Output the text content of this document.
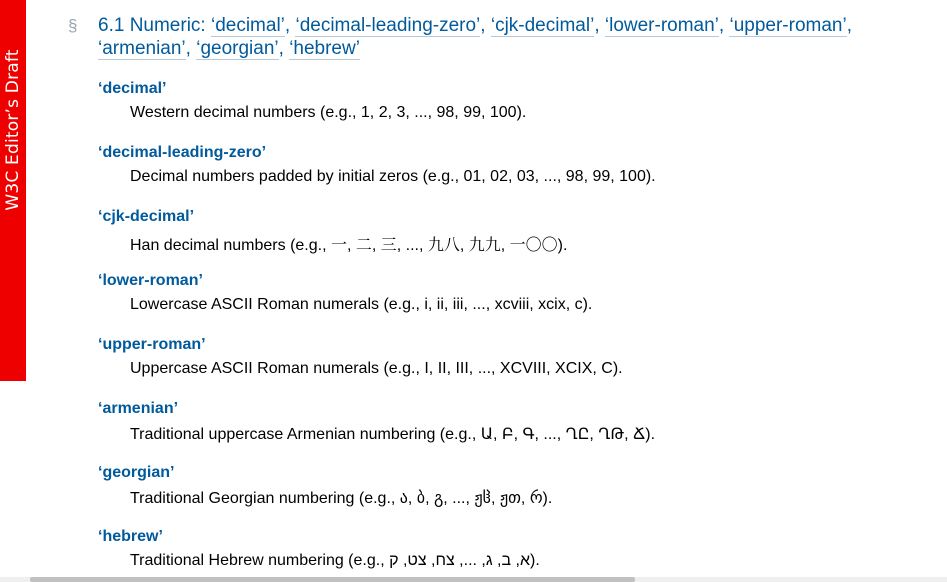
W3C Editor’s Draft
§ 6.1 Numeric: ‘decimal’, ‘decimal-leading-zero’, ‘cjk-decimal’, ‘lower-roman’, ‘upper-roman’,
‘armenian’, ‘georgian’, ‘hebrew’
‘decimal’
Western decimal numbers (e.g., 1, 2, 3, ..., 98, 99, 100).
‘decimal-leading-zero’
Decimal numbers padded by initial zeros (e.g., 01, 02, 03, ..., 98, 99, 100).
‘cjk-decimal’
Han decimal numbers (e.g., 一, 二, 三, ..., 九八, 九九, 一〇〇).
‘lower-roman’
Lowercase ASCII Roman numerals (e.g., i, ii, iii, ..., xcviii, xcix, c).
‘upper-roman’
Uppercase ASCII Roman numerals (e.g., I, II, III, ..., XCVIII, XCIX, C).
‘armenian’
Traditional uppercase Armenian numbering (e.g., Ա, Բ, Գ, ..., ՂԸ, ՂԹ, Ճ).
‘georgian’
Traditional Georgian numbering (e.g., ა, ბ, გ, ..., ჟჱ, ჟთ, რ).
‘hebrew’
Traditional Hebrew numbering (e.g., א, ב, ג, ..., צח, צט, ק).
